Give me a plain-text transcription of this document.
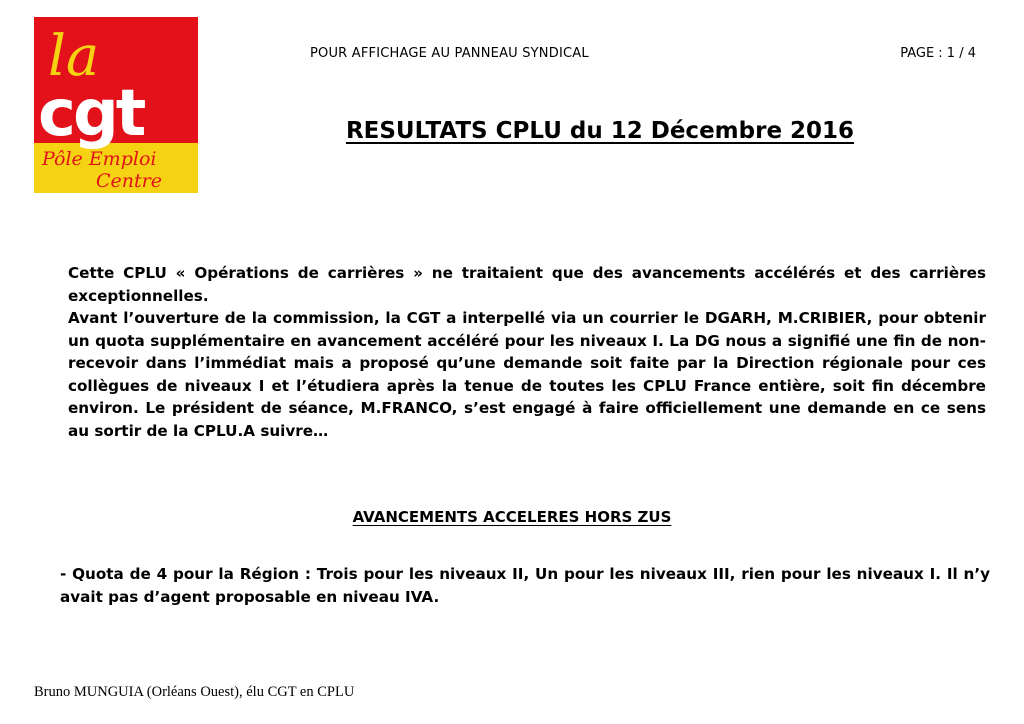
la
cgt
Pôle Emploi
Centre
POUR AFFICHAGE AU PANNEAU SYNDICAL	PAGE : 1 / 4
RESULTATS CPLU du 12 Décembre 2016

Cette CPLU « Opérations de carrières » ne traitaient que des avancements accélérés et des carrières exceptionnelles.

Avant l’ouverture de la commission, la CGT a interpellé via un courrier le DGARH, M.CRIBIER, pour obtenir un quota supplémentaire en avancement accéléré pour les niveaux I. La DG nous a signifié une fin de non-recevoir dans l’immédiat mais a proposé qu’une demande soit faite par la Direction régionale pour ces collègues de niveaux I et l’étudiera après la tenue de toutes les CPLU France entière, soit fin décembre environ. Le président de séance, M.FRANCO, s’est engagé à faire officiellement une demande en ce sens au sortir de la CPLU.A suivre…

AVANCEMENTS ACCELERES HORS ZUS

- Quota de 4 pour la Région : Trois pour les niveaux II, Un pour les niveaux III, rien pour les niveaux I. Il n’y avait pas d’agent proposable en niveau IVA.

Bruno MUNGUIA (Orléans Ouest), élu CGT en CPLU
